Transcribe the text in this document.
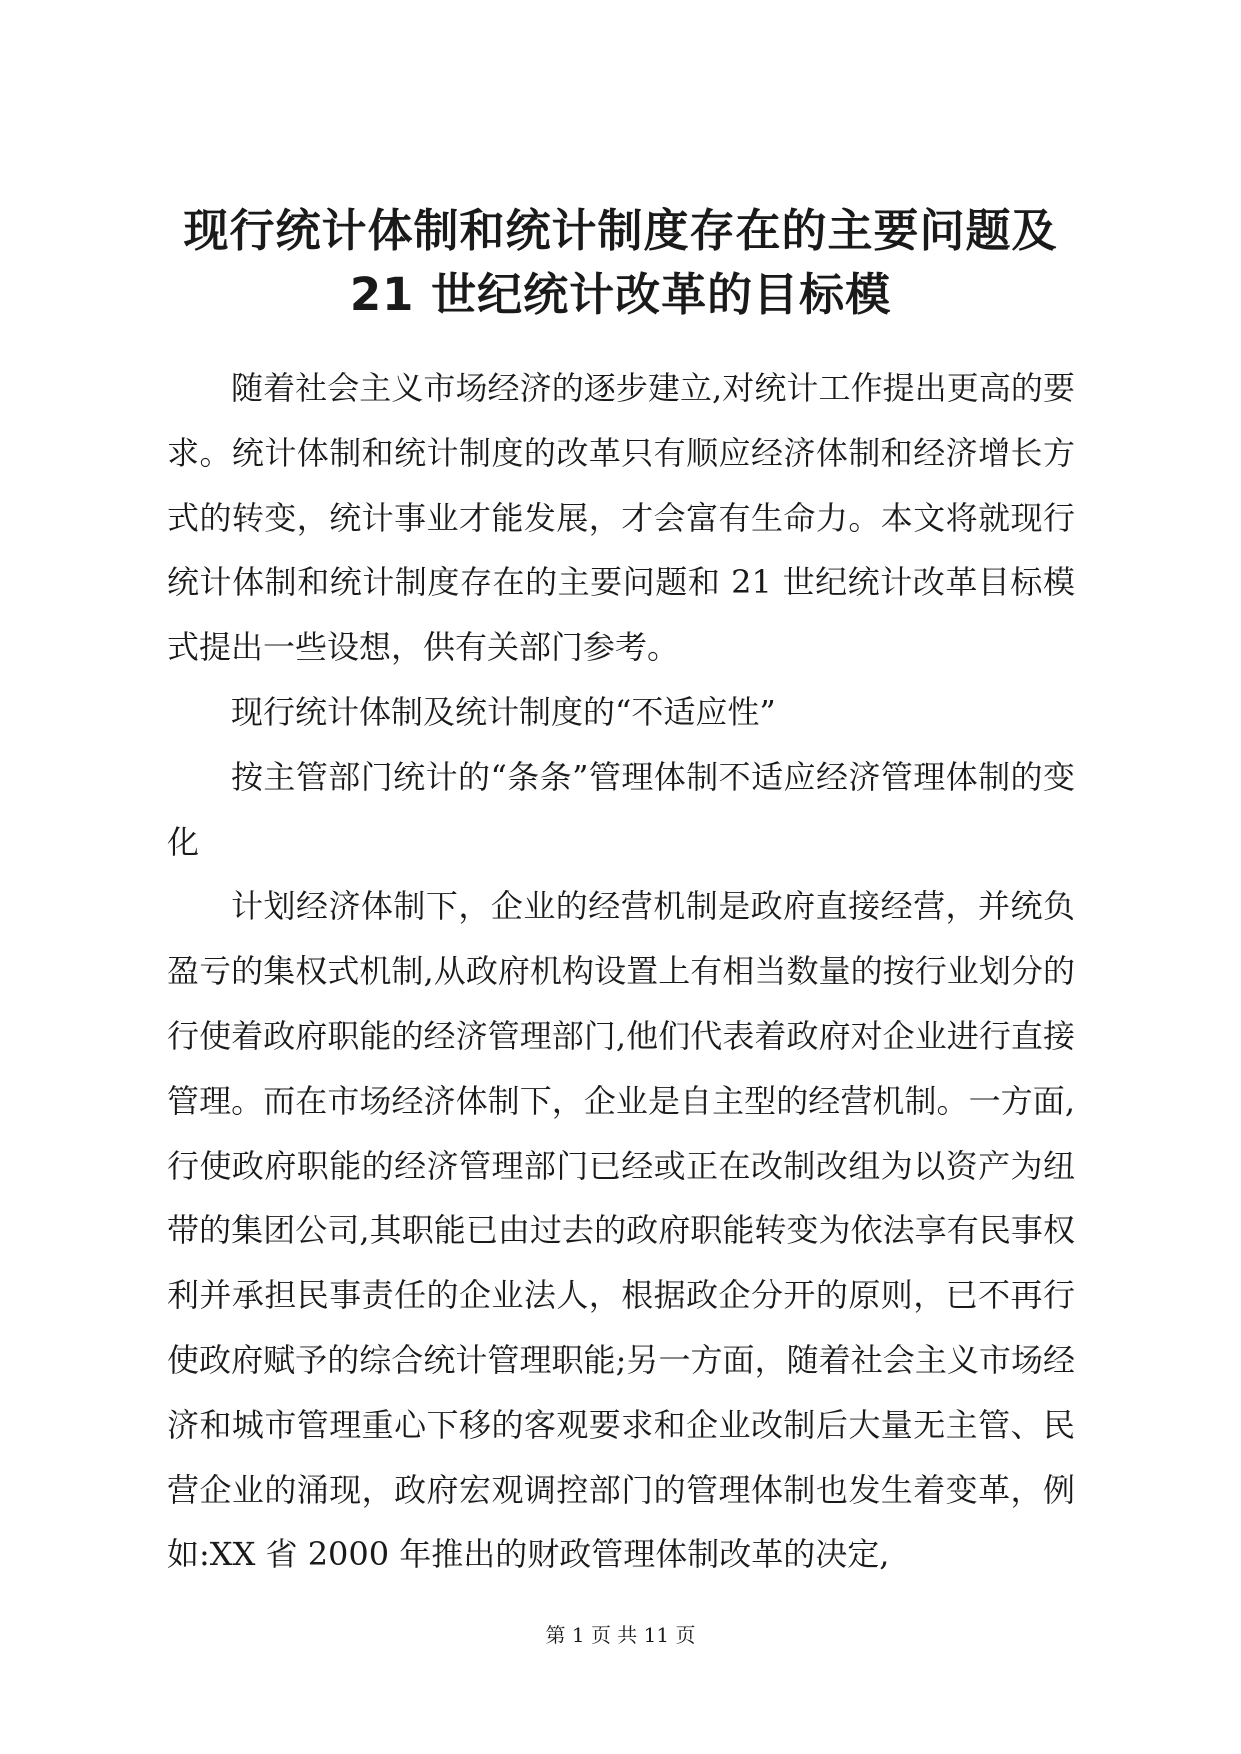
现行统计体制和统计制度存在的主要问题及
21 世纪统计改革的目标模

随着社会主义市场经济的逐步建立,对统计工作提出更高的要求。统计体制和统计制度的改革只有顺应经济体制和经济增长方式的转变，统计事业才能发展，才会富有生命力。本文将就现行统计体制和统计制度存在的主要问题和 21 世纪统计改革目标模式提出一些设想，供有关部门参考。

现行统计体制及统计制度的“不适应性”

按主管部门统计的“条条”管理体制不适应经济管理体制的变化

计划经济体制下，企业的经营机制是政府直接经营，并统负盈亏的集权式机制,从政府机构设置上有相当数量的按行业划分的行使着政府职能的经济管理部门,他们代表着政府对企业进行直接管理。而在市场经济体制下，企业是自主型的经营机制。一方面,行使政府职能的经济管理部门已经或正在改制改组为以资产为纽带的集团公司,其职能已由过去的政府职能转变为依法享有民事权利并承担民事责任的企业法人，根据政企分开的原则，已不再行使政府赋予的综合统计管理职能;另一方面，随着社会主义市场经济和城市管理重心下移的客观要求和企业改制后大量无主管、民营企业的涌现，政府宏观调控部门的管理体制也发生着变革，例如:XX 省 2000 年推出的财政管理体制改革的决定,

第 1 页 共 11 页
